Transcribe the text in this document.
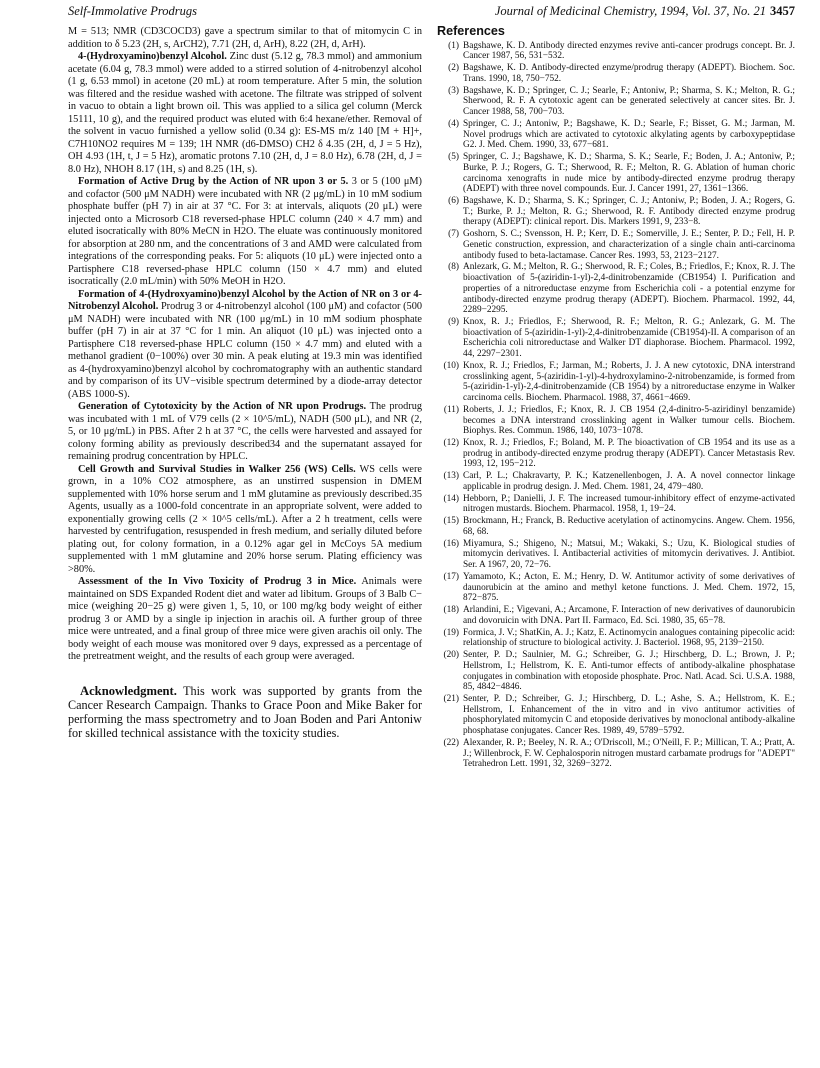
Self-Immolative Prodrugs	Journal of Medicinal Chemistry, 1994, Vol. 37, No. 21 3457

M = 513; NMR (CD3COCD3) gave a spectrum similar to that of mitomycin C in addition to δ 5.23 (2H, s, ArCH2), 7.71 (2H, d, ArH), 8.22 (2H, d, ArH).

4-(Hydroxyamino)benzyl Alcohol. Zinc dust (5.12 g, 78.3 mmol) and ammonium acetate (6.04 g, 78.3 mmol) were added to a stirred solution of 4-nitrobenzyl alcohol (1 g, 6.53 mmol) in acetone (20 mL) at room temperature. After 5 min, the solution was filtered and the residue washed with acetone. The filtrate was stripped of solvent in vacuo to obtain a light brown oil. This was applied to a silica gel column (Merck 15111, 10 g), and the required product was eluted with 6:4 hexane/ether. Removal of the solvent in vacuo furnished a yellow solid (0.34 g): ES-MS m/z 140 [M + H]+, C7H10NO2 requires M = 139; 1H NMR (d6-DMSO) CH2 δ 4.35 (2H, d, J = 5 Hz), OH 4.93 (1H, t, J = 5 Hz), aromatic protons 7.10 (2H, d, J = 8.0 Hz), 6.78 (2H, d, J = 8.0 Hz), NHOH 8.17 (1H, s) and 8.25 (1H, s).

Formation of Active Drug by the Action of NR upon 3 or 5. 3 or 5 (100 μM) and cofactor (500 μM NADH) were incubated with NR (2 μg/mL) in 10 mM sodium phosphate buffer (pH 7) in air at 37 °C. For 3: at intervals, aliquots (20 μL) were injected onto a Microsorb C18 reversed-phase HPLC column (240 × 4.7 mm) and eluted isocratically with 80% MeCN in H2O. The eluate was continuously monitored for absorption at 280 nm, and the concentrations of 3 and AMD were calculated from integrations of the corresponding peaks. For 5: aliquots (10 μL) were injected onto a Partisphere C18 reversed-phase HPLC column (150 × 4.7 mm) and eluted isocratically (2.0 mL/min) with 50% MeOH in H2O.

Formation of 4-(Hydroxyamino)benzyl Alcohol by the Action of NR on 3 or 4-Nitrobenzyl Alcohol. Prodrug 3 or 4-nitrobenzyl alcohol (100 μM) and cofactor (500 μM NADH) were incubated with NR (100 μg/mL) in 10 mM sodium phosphate buffer (pH 7) in air at 37 °C for 1 min. An aliquot (10 μL) was injected onto a Partisphere C18 reversed-phase HPLC column (150 × 4.7 mm) and eluted with a methanol gradient (0−100%) over 30 min. A peak eluting at 19.3 min was identified as 4-(hydroxyamino)benzyl alcohol by cochromatography with an authentic standard and by comparison of its UV−visible spectrum determined by a diode-array detector (ABS 1000-S).

Generation of Cytotoxicity by the Action of NR upon Prodrugs. The prodrug was incubated with 1 mL of V79 cells (2 × 10^5/mL), NADH (500 μL), and NR (2, 5, or 10 μg/mL) in PBS. After 2 h at 37 °C, the cells were harvested and assayed for colony forming ability as previously described34 and the supernatant assayed for remaining prodrug concentration by HPLC.

Cell Growth and Survival Studies in Walker 256 (WS) Cells. WS cells were grown, in a 10% CO2 atmosphere, as an unstirred suspension in DMEM supplemented with 10% horse serum and 1 mM glutamine as previously described.35 Agents, usually as a 1000-fold concentrate in an appropriate solvent, were added to exponentially growing cells (2 × 10^5 cells/mL). After a 2 h treatment, cells were harvested by centrifugation, resuspended in fresh medium, and serially diluted before plating out, for colony formation, in a 0.12% agar gel in McCoys 5A medium supplemented with 1 mM glutamine and 20% horse serum. Plating efficiency was >80%.

Assessment of the In Vivo Toxicity of Prodrug 3 in Mice. Animals were maintained on SDS Expanded Rodent diet and water ad libitum. Groups of 3 Balb C− mice (weighing 20−25 g) were given 1, 5, 10, or 100 mg/kg body weight of either prodrug 3 or AMD by a single ip injection in arachis oil. A further group of three mice were untreated, and a final group of three mice were given arachis oil only. The body weight of each mouse was monitored over 9 days, expressed as a percentage of the pretreatment weight, and the results of each group were averaged.

Acknowledgment. This work was supported by grants from the Cancer Research Campaign. Thanks to Grace Poon and Mike Baker for performing the mass spectrometry and to Joan Boden and Pari Antoniw for skilled technical assistance with the toxicity studies.

References
(1) Bagshawe, K. D. Antibody directed enzymes revive anti-cancer prodrugs concept. Br. J. Cancer 1987, 56, 531−532.
(2) Bagshawe, K. D. Antibody-directed enzyme/prodrug therapy (ADEPT). Biochem. Soc. Trans. 1990, 18, 750−752.
(3) Bagshawe, K. D.; Springer, C. J.; Searle, F.; Antoniw, P.; Sharma, S. K.; Melton, R. G.; Sherwood, R. F. A cytotoxic agent can be generated selectively at cancer sites. Br. J. Cancer 1988, 58, 700−703.
(4) Springer, C. J.; Antoniw, P.; Bagshawe, K. D.; Searle, F.; Bisset, G. M.; Jarman, M. Novel prodrugs which are activated to cytotoxic alkylating agents by carboxypeptidase G2. J. Med. Chem. 1990, 33, 677−681.
(5) Springer, C. J.; Bagshawe, K. D.; Sharma, S. K.; Searle, F.; Boden, J. A.; Antoniw, P.; Burke, P. J.; Rogers, G. T.; Sherwood, R. F.; Melton, R. G. Ablation of human choric carcinoma xenografts in nude mice by antibody-directed enzyme prodrug therapy (ADEPT) with three novel compounds. Eur. J. Cancer 1991, 27, 1361−1366.
(6) Bagshawe, K. D.; Sharma, S. K.; Springer, C. J.; Antoniw, P.; Boden, J. A.; Rogers, G. T.; Burke, P. J.; Melton, R. G.; Sherwood, R. F. Antibody directed enzyme prodrug therapy (ADEPT): clinical report. Dis. Markers 1991, 9, 233−8.
(7) Goshorn, S. C.; Svensson, H. P.; Kerr, D. E.; Somerville, J. E.; Senter, P. D.; Fell, H. P. Genetic construction, expression, and characterization of a single chain anti-carcinoma antibody fused to beta-lactamase. Cancer Res. 1993, 53, 2123−2127.
(8) Anlezark, G. M.; Melton, R. G.; Sherwood, R. F.; Coles, B.; Friedlos, F.; Knox, R. J. The bioactivation of 5-(aziridin-1-yl)-2,4-dinitrobenzamide (CB1954) I. Purification and properties of a nitroreductase enzyme from Escherichia coli - a potential enzyme for antibody-directed enzyme prodrug therapy (ADEPT). Biochem. Pharmacol. 1992, 44, 2289−2295.
(9) Knox, R. J.; Friedlos, F.; Sherwood, R. F.; Melton, R. G.; Anlezark, G. M. The bioactivation of 5-(aziridin-1-yl)-2,4-dinitrobenzamide (CB1954)-II. A comparison of an Escherichia coli nitroreductase and Walker DT diaphorase. Biochem. Pharmacol. 1992, 44, 2297−2301.
(10) Knox, R. J.; Friedlos, F.; Jarman, M.; Roberts, J. J. A new cytotoxic, DNA interstrand crosslinking agent, 5-(aziridin-1-yl)-4-hydroxylamino-2-nitrobenzamide, is formed from 5-(aziridin-1-yl)-2,4-dinitrobenzamide (CB 1954) by a nitroreductase enzyme in Walker carcinoma cells. Biochem. Pharmacol. 1988, 37, 4661−4669.
(11) Roberts, J. J.; Friedlos, F.; Knox, R. J. CB 1954 (2,4-dinitro-5-aziridinyl benzamide) becomes a DNA interstrand crosslinking agent in Walker tumour cells. Biochem. Biophys. Res. Commun. 1986, 140, 1073−1078.
(12) Knox, R. J.; Friedlos, F.; Boland, M. P. The bioactivation of CB 1954 and its use as a prodrug in antibody-directed enzyme prodrug therapy (ADEPT). Cancer Metastasis Rev. 1993, 12, 195−212.
(13) Carl, P. L.; Chakravarty, P. K.; Katzenellenbogen, J. A. A novel connector linkage applicable in prodrug design. J. Med. Chem. 1981, 24, 479−480.
(14) Hebborn, P.; Danielli, J. F. The increased tumour-inhibitory effect of enzyme-activated nitrogen mustards. Biochem. Pharmacol. 1958, 1, 19−24.
(15) Brockmann, H.; Franck, B. Reductive acetylation of actinomycins. Angew. Chem. 1956, 68, 68.
(16) Miyamura, S.; Shigeno, N.; Matsui, M.; Wakaki, S.; Uzu, K. Biological studies of mitomycin derivatives. I. Antibacterial activities of mitomycin derivatives. J. Antibiot. Ser. A 1967, 20, 72−76.
(17) Yamamoto, K.; Acton, E. M.; Henry, D. W. Antitumor activity of some derivatives of daunorubicin at the amino and methyl ketone functions. J. Med. Chem. 1972, 15, 872−875.
(18) Arlandini, E.; Vigevani, A.; Arcamone, F. Interaction of new derivatives of daunorubicin and dovoruicin with DNA. Part II. Farmaco, Ed. Sci. 1980, 35, 65−78.
(19) Formica, J. V.; ShatKin, A. J.; Katz, E. Actinomycin analogues containing pipecolic acid: relationship of structure to biological activity. J. Bacteriol. 1968, 95, 2139−2150.
(20) Senter, P. D.; Saulnier, M. G.; Schreiber, G. J.; Hirschberg, D. L.; Brown, J. P.; Hellstrom, I.; Hellstrom, K. E. Anti-tumor effects of antibody-alkaline phosphatase conjugates in combination with etoposide phosphate. Proc. Natl. Acad. Sci. U.S.A. 1988, 85, 4842−4846.
(21) Senter, P. D.; Schreiber, G. J.; Hirschberg, D. L.; Ashe, S. A.; Hellstrom, K. E.; Hellstrom, I. Enhancement of the in vitro and in vivo antitumor activities of phosphorylated mitomycin C and etoposide derivatives by monoclonal antibody-alkaline phosphatase conjugates. Cancer Res. 1989, 49, 5789−5792.
(22) Alexander, R. P.; Beeley, N. R. A.; O'Driscoll, M.; O'Neill, F. P.; Millican, T. A.; Pratt, A. J.; Willenbrock, F. W. Cephalosporin nitrogen mustard carbamate prodrugs for "ADEPT" Tetrahedron Lett. 1991, 32, 3269−3272.
